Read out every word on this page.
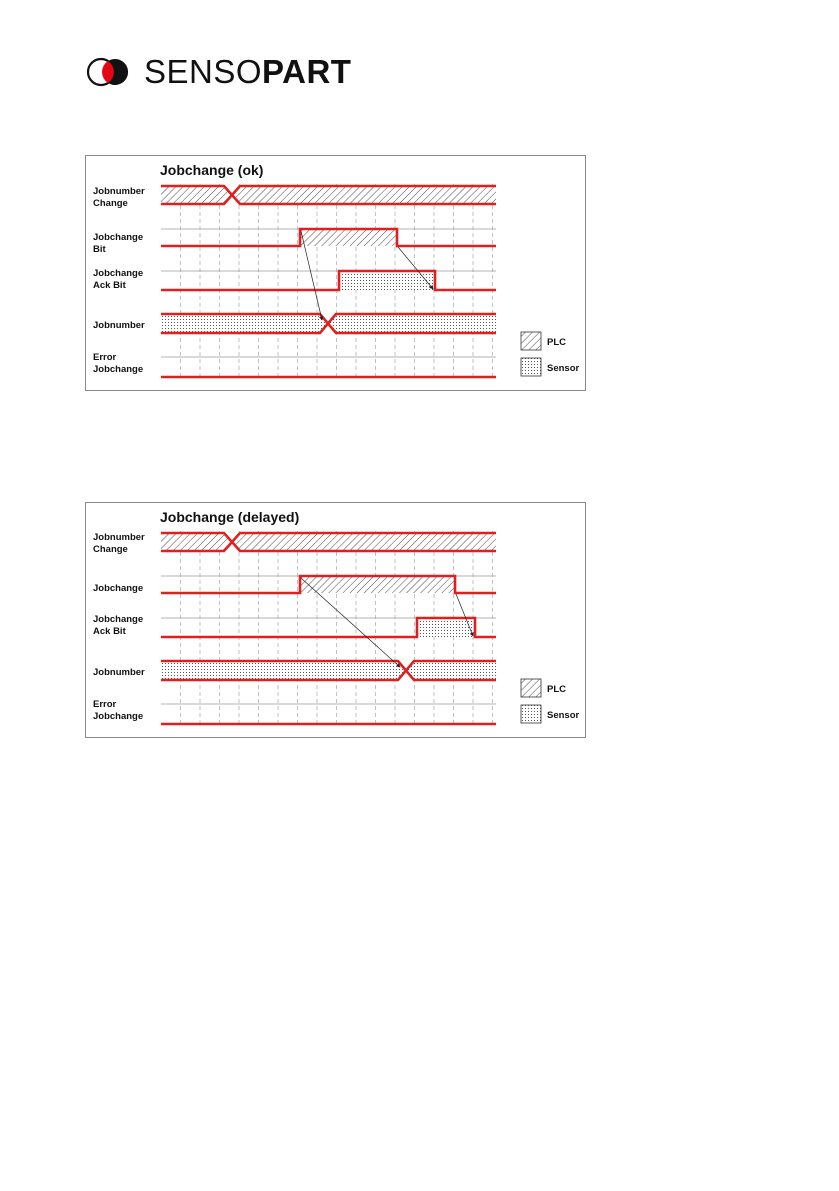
SENSOPART
Jobchange (ok)
Jobnumber
Change
Jobchange
Bit
Jobchange
Ack Bit
Jobnumber
Error
Jobchange
PLC
Sensor
Jobchange (delayed)
Jobnumber
Change
Jobchange
Jobchange
Ack Bit
Jobnumber
Error
Jobchange
PLC
Sensor
